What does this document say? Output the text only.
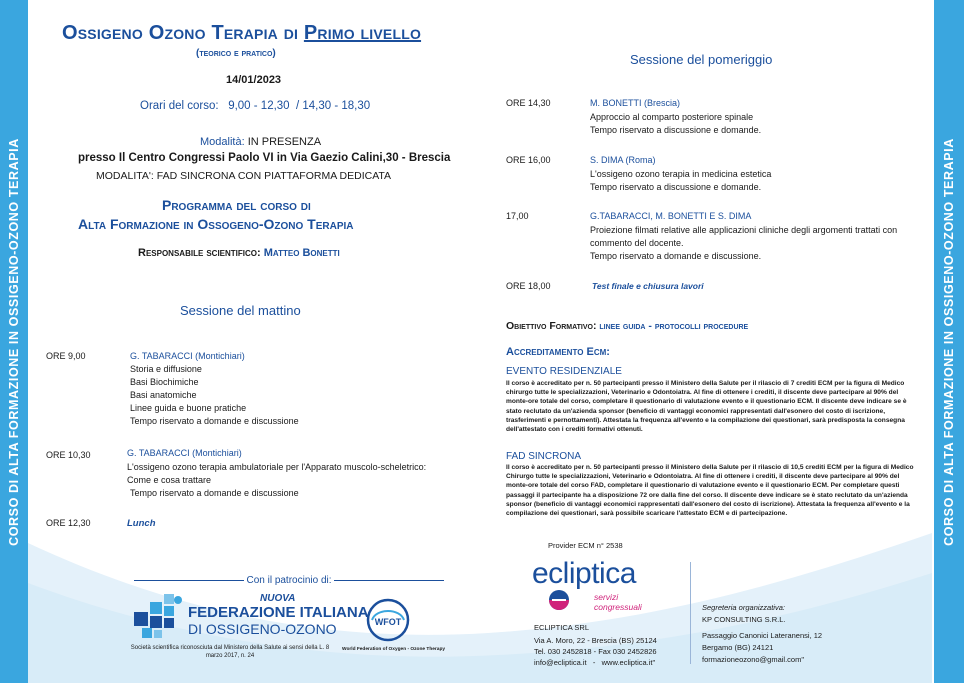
CORSO DI ALTA FORMAZIONE IN OSSIGENO-OZONO TERAPIA	CORSO DI ALTA FORMAZIONE IN OSSIGENO-OZONO TERAPIA
Ossigeno Ozono Terapia di Primo livello
(teorico e pratico)
14/01/2023
Orari del corso:   9,00 - 12,30  / 14,30 - 18,30
Modalità: IN PRESENZA
presso Il Centro Congressi Paolo VI in Via Gaezio Calini,30 - Brescia
MODALITA': FAD SINCRONA CON PIATTAFORMA DEDICATA
Programma del corso di
Alta Formazione in Ossogeno-Ozono Terapia
Responsabile scientifico: Matteo Bonetti
Sessione del mattino
ORE 9,00	G. TABARACCI (Montichiari)
Storia e diffusione
Basi Biochimiche
Basi anatomiche
Linee guida e buone pratiche
Tempo riservato a domande e discussione
ORE 10,30	G. TABARACCI (Montichiari)
L'ossigeno ozono terapia ambulatoriale per l'Apparato muscolo-scheletrico:
Come e cosa trattare
Tempo riservato a domande e discussione
ORE 12,30	Lunch
Sessione del pomeriggio
ORE 14,30	M. BONETTI (Brescia)
Approccio al comparto posteriore spinale
Tempo riservato a discussione e domande.
ORE 16,00	S. DIMA (Roma)
L'ossigeno ozono terapia in medicina estetica
Tempo riservato a discussione e domande.
17,00	G.TABARACCI, M. BONETTI E S. DIMA
Proiezione filmati relative alle applicazioni cliniche degli argomenti trattati con
commento del docente.
Tempo riservato a domande e discussione.
ORE 18,00	Test finale e chiusura lavori
Obiettivo Formativo: linee guida - protocolli procedure
Accreditamento Ecm:
EVENTO RESIDENZIALE
Il corso è accreditato per n. 50 partecipanti presso il Ministero della Salute per il rilascio di 7 crediti ECM per la figura di Medico chirurgo tutte le specializzazioni, Veterinario e Odontoiatra. Al fine di ottenere i crediti, il discente deve partecipare al 90% del monte-ore totale del corso, completare il questionario di valutazione evento e il questionario ECM. Il discente deve indicare se è stato reclutato da un'azienda sponsor (beneficio di vantaggi economici rappresentati dall'esonero del costo di iscrizione, trasferimenti e pernottamenti). Attestata la frequenza all'evento e la compilazione dei questionari, sarà predisposta la consegna dell'attestato con i crediti formativi ottenuti.
FAD SINCRONA
Il corso è accreditato per n. 50 partecipanti presso il Ministero della Salute per il rilascio di 10,5 crediti ECM per la figura di Medico Chirurgo tutte le specializzazioni, Veterinario e Odontoiatra. Al fine di ottenere i crediti, il discente deve partecipare al 90% del monte-ore totale del corso FAD, completare il questionario di valutazione evento e il questionario ECM. Per completare questi passaggi il partecipante ha a disposizione 72 ore dalla fine del corso. Il discente deve indicare se è stato reclutato da un'azienda sponsor (beneficio di vantaggi economici rappresentati dall'esonero del costo di iscrizione). Attestata la frequenza all'evento e la compilazione dei questionari, sarà possibile scaricare l'attestato ECM e di partecipazione.
Con il patrocinio di:
NUOVA
FEDERAZIONE ITALIANA
DI OSSIGENO-OZONO
Società scientifica riconosciuta dal Ministero della Salute ai sensi della L. 8 marzo 2017, n. 24
WFOT
World Federation of Oxygen - Ozone Therapy
Provider ECM n° 2538
ecliptica
servizi
congressuali
ECLIPTICA SRL
Via A. Moro, 22 - Brescia (BS) 25124
Tel. 030 2452818 - Fax 030 2452826
info@ecliptica.it   -   www.ecliptica.it"
Segreteria organizzativa:
KP CONSULTING S.R.L.
Passaggio Canonici Lateranensi, 12
Bergamo (BG) 24121
formazioneozono@gmail.com"
